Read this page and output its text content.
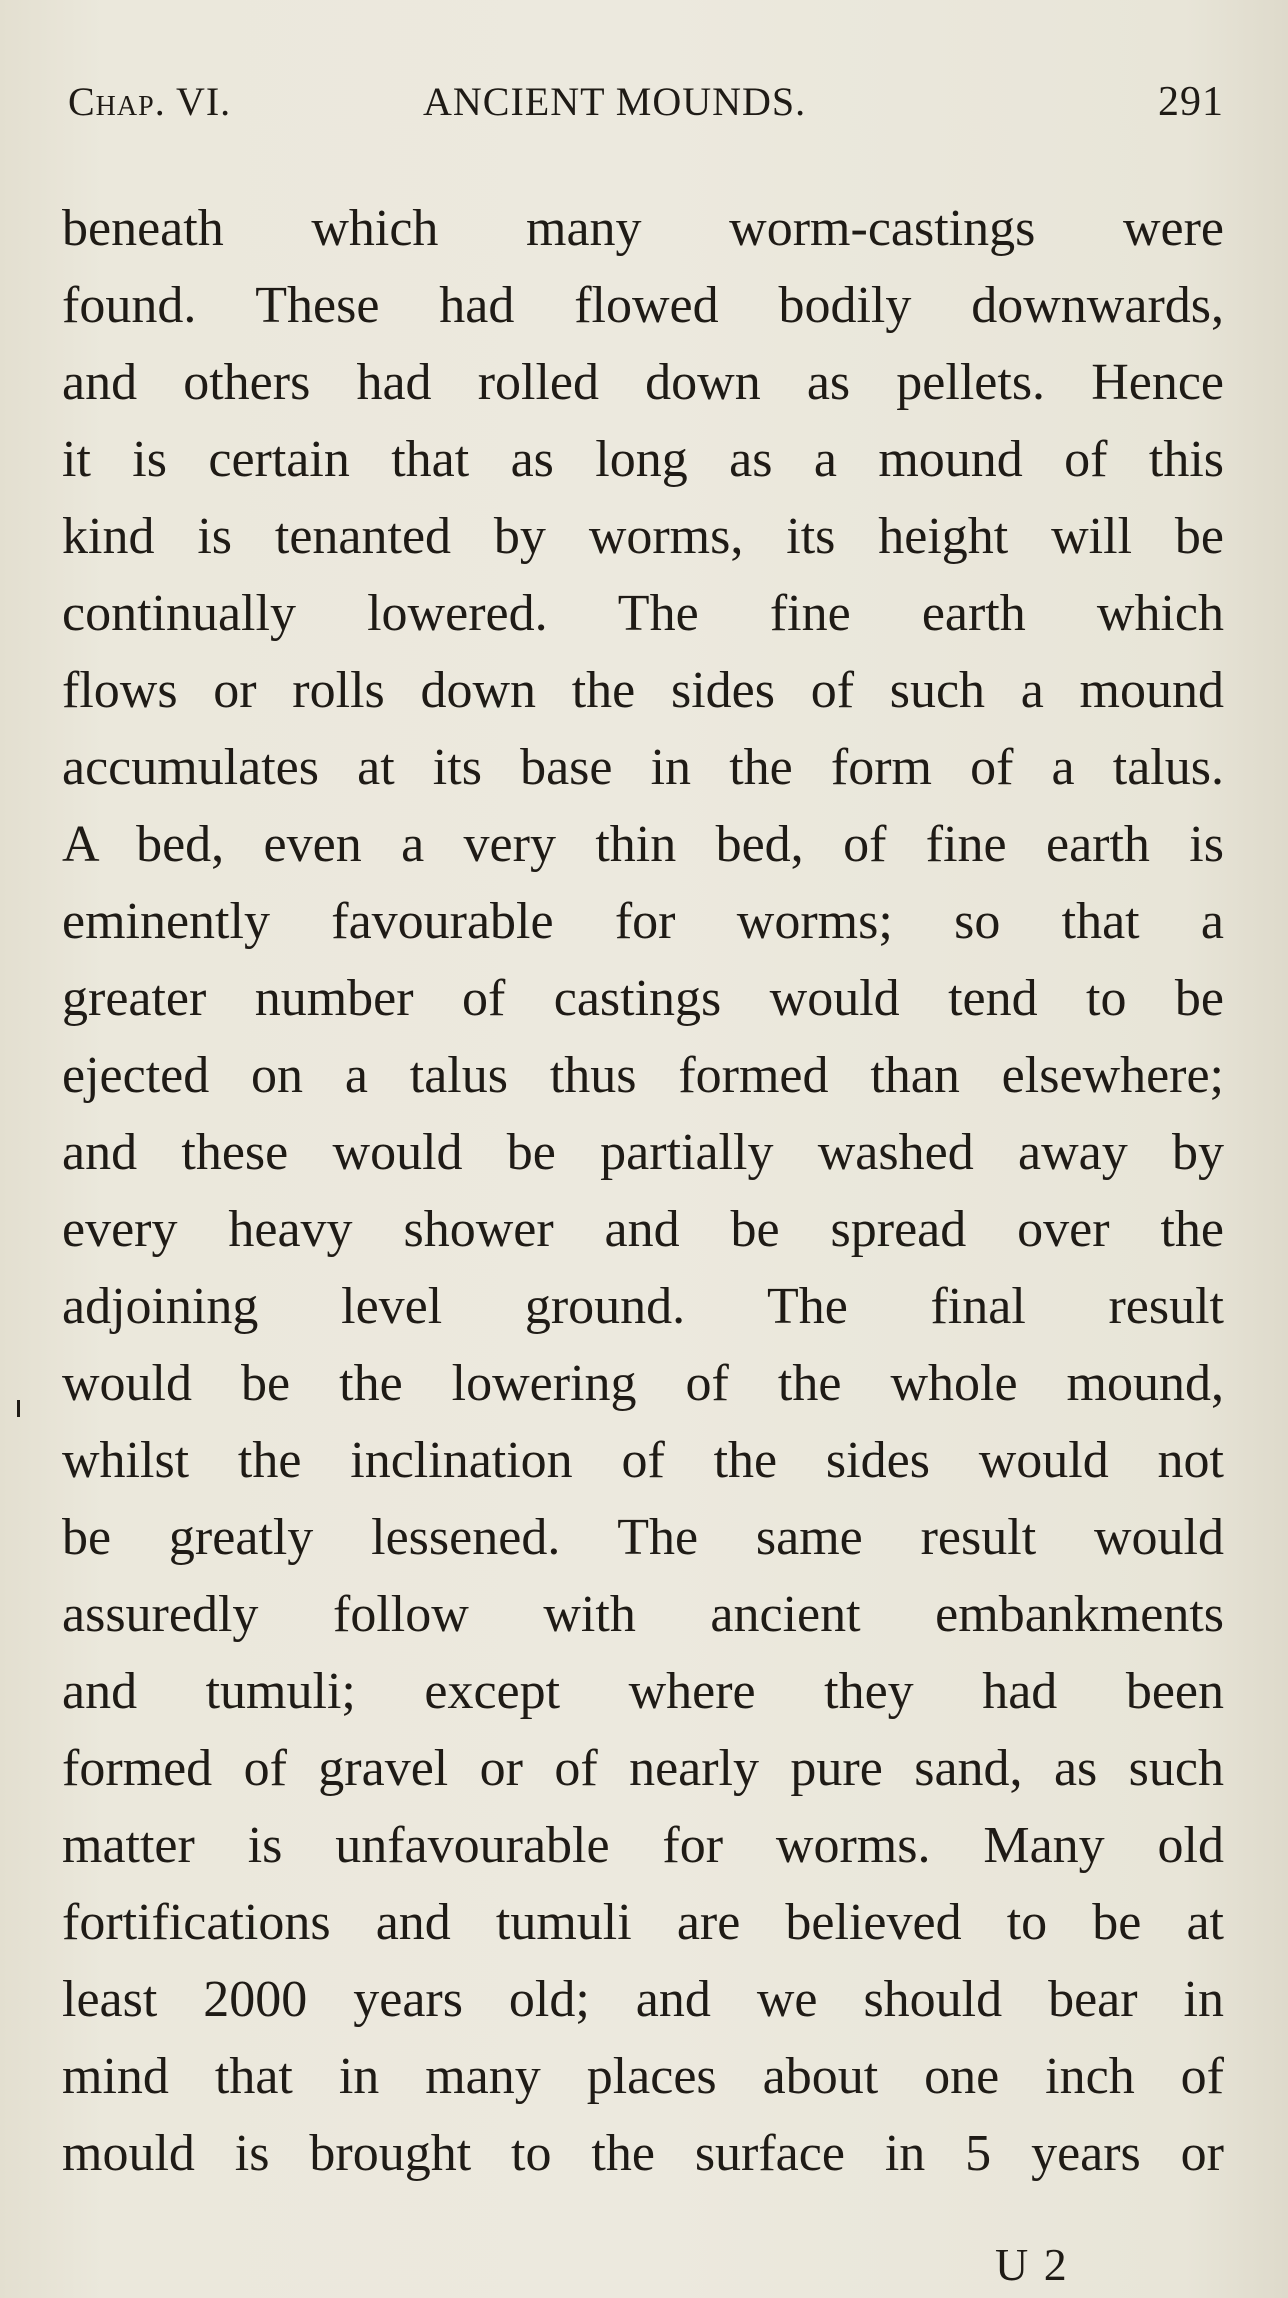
Chap. VI.	ANCIENT MOUNDS.	291
beneath which many worm-castings were
found. These had flowed bodily downwards,
and others had rolled down as pellets. Hence
it is certain that as long as a mound of this
kind is tenanted by worms, its height will be
continually lowered. The fine earth which
flows or rolls down the sides of such a mound
accumulates at its base in the form of a talus.
A bed, even a very thin bed, of fine earth is
eminently favourable for worms; so that a
greater number of castings would tend to be
ejected on a talus thus formed than elsewhere;
and these would be partially washed away by
every heavy shower and be spread over the
adjoining level ground. The final result
would be the lowering of the whole mound,
whilst the inclination of the sides would not
be greatly lessened. The same result would
assuredly follow with ancient embankments
and tumuli; except where they had been
formed of gravel or of nearly pure sand, as such
matter is unfavourable for worms. Many old
fortifications and tumuli are believed to be at
least 2000 years old; and we should bear in
mind that in many places about one inch of
mould is brought to the surface in 5 years or
U 2
